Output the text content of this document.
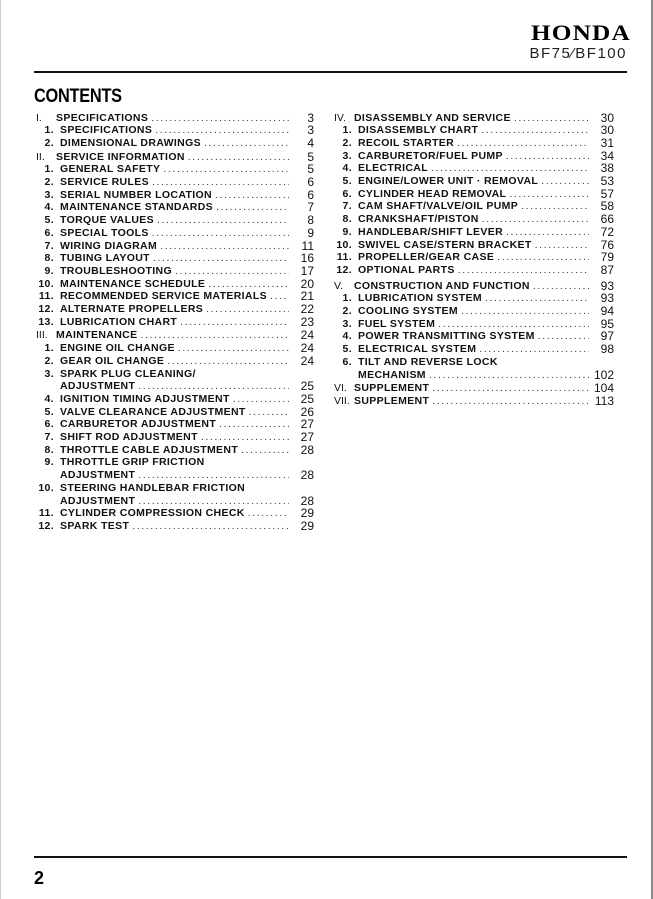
HONDA
BF75⁄BF100
CONTENTS
I.	SPECIFICATIONS .....	3
1. SPECIFICATIONS .....	3
2. DIMENSIONAL DRAWINGS .....	4
II.	SERVICE INFORMATION .....	5
1. GENERAL SAFETY .....	5
2. SERVICE RULES .....	6
3. SERIAL NUMBER LOCATION .....	6
4. MAINTENANCE STANDARDS .....	7
5. TORQUE VALUES .....	8
6. SPECIAL TOOLS .....	9
7. WIRING DIAGRAM .....	11
8. TUBING LAYOUT .....	16
9. TROUBLESHOOTING .....	17
10. MAINTENANCE SCHEDULE .....	20
11. RECOMMENDED SERVICE MATERIALS .....	21
12. ALTERNATE PROPELLERS .....	22
13. LUBRICATION CHART .....	23
III. MAINTENANCE .....	24
1. ENGINE OIL CHANGE .....	24
2. GEAR OIL CHANGE .....	24
3. SPARK PLUG CLEANING/
ADJUSTMENT .....	25
4. IGNITION TIMING ADJUSTMENT .....	25
5. VALVE CLEARANCE ADJUSTMENT .....	26
6. CARBURETOR ADJUSTMENT .....	27
7. SHIFT ROD ADJUSTMENT .....	27
8. THROTTLE CABLE ADJUSTMENT .....	28
9. THROTTLE GRIP FRICTION
ADJUSTMENT .....	28
10. STEERING HANDLEBAR FRICTION
ADJUSTMENT .....	28
11. CYLINDER COMPRESSION CHECK .....	29
12. SPARK TEST .....	29
IV. DISASSEMBLY AND SERVICE .....	30
1. DISASSEMBLY CHART .....	30
2. RECOIL STARTER .....	31
3. CARBURETOR/FUEL PUMP .....	34
4. ELECTRICAL .....	38
5. ENGINE/LOWER UNIT · REMOVAL .....	53
6. CYLINDER HEAD REMOVAL .....	57
7. CAM SHAFT/VALVE/OIL PUMP .....	58
8. CRANKSHAFT/PISTON .....	66
9. HANDLEBAR/SHIFT LEVER .....	72
10. SWIVEL CASE/STERN BRACKET .....	76
11. PROPELLER/GEAR CASE .....	79
12. OPTIONAL PARTS .....	87
V.	CONSTRUCTION AND FUNCTION .....	93
1. LUBRICATION SYSTEM .....	93
2. COOLING SYSTEM .....	94
3. FUEL SYSTEM .....	95
4. POWER TRANSMITTING SYSTEM .....	97
5. ELECTRICAL SYSTEM .....	98
6. TILT AND REVERSE LOCK
MECHANISM .....	102
VI. SUPPLEMENT .....	104
VII. SUPPLEMENT .....	113
2
